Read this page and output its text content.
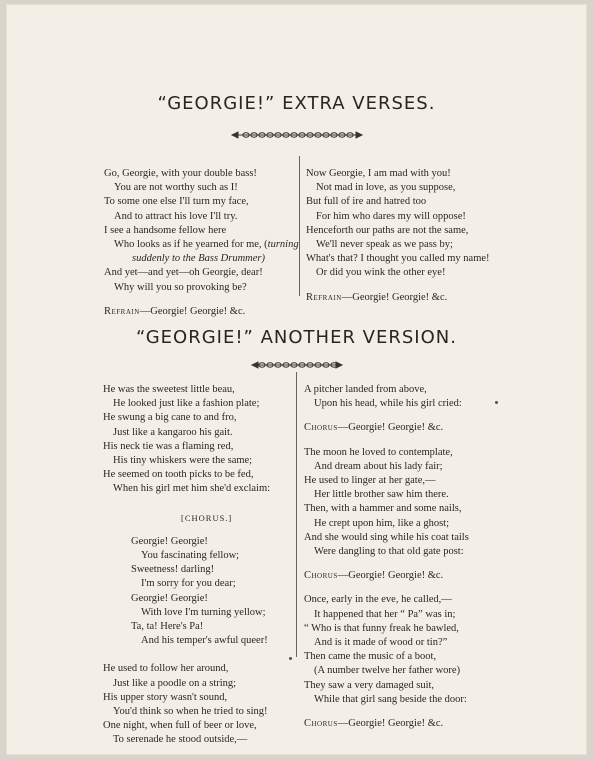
“GEORGIE!” EXTRA VERSES.
Go, Georgie, with your double bass!
You are not worthy such as I!
To some one else I'll turn my face,
And to attract his love I'll try.
I see a handsome fellow here
Who looks as if he yearned for me, (turning
suddenly to the Bass Drummer)
And yet—and yet—oh Georgie, dear!
Why will you so provoking be?
Refrain—Georgie! Georgie! &c.
Now Georgie, I am mad with you!
Not mad in love, as you suppose,
But full of ire and hatred too
For him who dares my will oppose!
Henceforth our paths are not the same,
We'll never speak as we pass by;
What's that? I thought you called my name!
Or did you wink the other eye!
Refrain—Georgie! Georgie! &c.
“GEORGIE!” ANOTHER VERSION.
He was the sweetest little beau,
He looked just like a fashion plate;
He swung a big cane to and fro,
Just like a kangaroo his gait.
His neck tie was a flaming red,
His tiny whiskers were the same;
He seemed on tooth picks to be fed,
When his girl met him she'd exclaim:
[CHORUS.]
Georgie! Georgie!
You fascinating fellow;
Sweetness! darling!
I'm sorry for you dear;
Georgie! Georgie!
With love I'm turning yellow;
Ta, ta! Here's Pa!
And his temper's awful queer!
He used to follow her around,
Just like a poodle on a string;
His upper story wasn't sound,
You'd think so when he tried to sing!
One night, when full of beer or love,
To serenade he stood outside,—
A pitcher landed from above,
Upon his head, while his girl cried:
Chorus—Georgie! Georgie! &c.
The moon he loved to contemplate,
And dream about his lady fair;
He used to linger at her gate,—
Her little brother saw him there.
Then, with a hammer and some nails,
He crept upon him, like a ghost;
And she would sing while his coat tails
Were dangling to that old gate post:
Chorus—Georgie! Georgie! &c.
Once, early in the eve, he called,—
It happened that her “ Pa” was in;
“ Who is that funny freak he bawled,
And is it made of wood or tin?”
Then came the music of a boot,
(A number twelve her father wore)
They saw a very damaged suit,
While that girl sang beside the door:
Chorus—Georgie! Georgie! &c.
